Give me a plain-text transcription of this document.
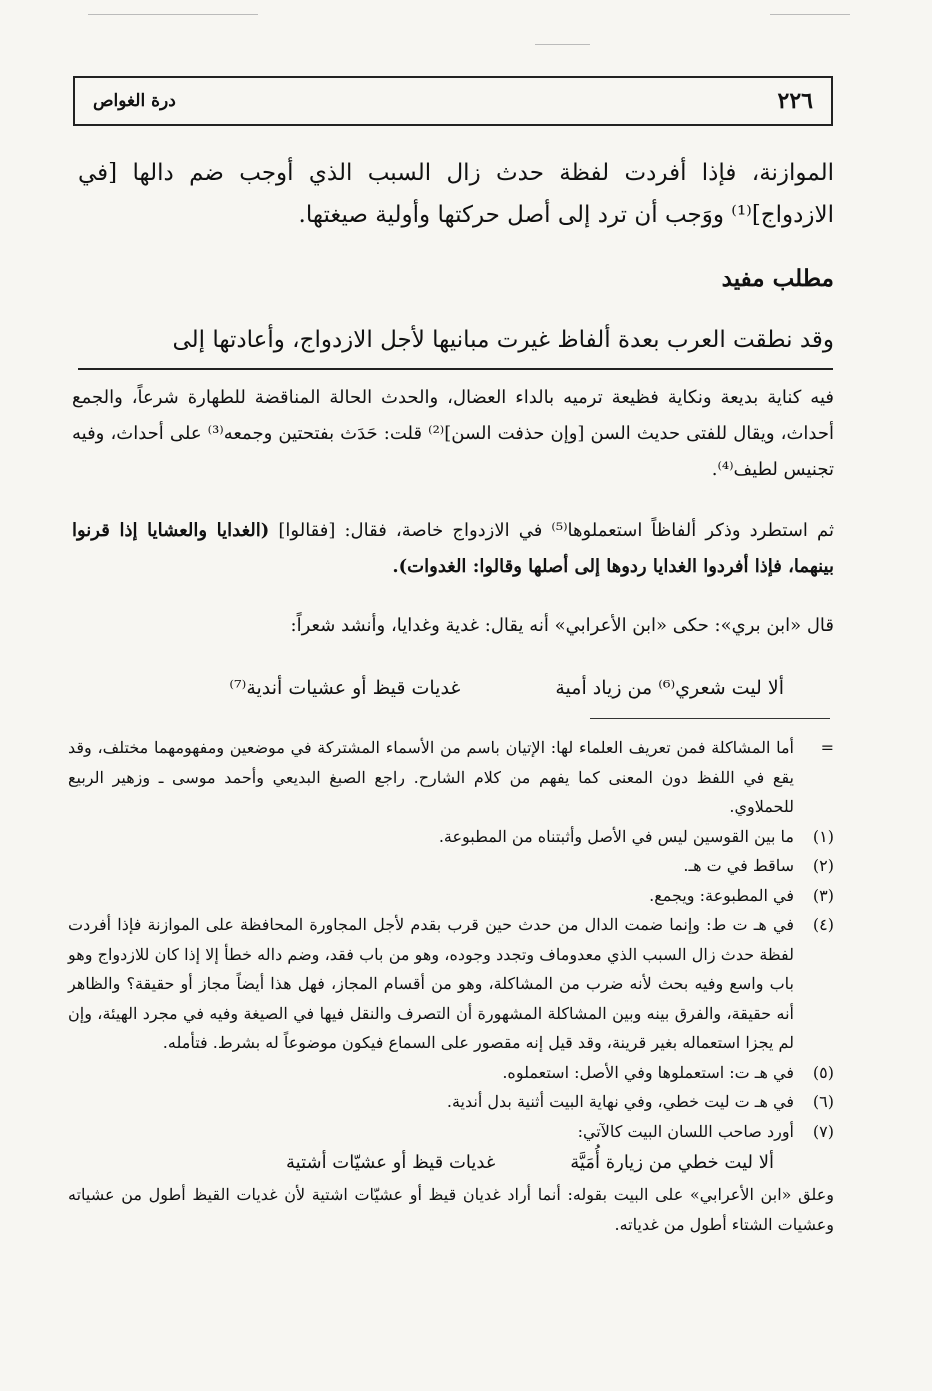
٢٢٦
درة الغواص
الموازنة، فإذا أفردت لفظة حدث زال السبب الذي أوجب ضم دالها [في الازدواج]⁽¹⁾ ووَجب أن ترد إلى أصل حركتها وأولية صيغتها.
مطلب مفيد
وقد نطقت العرب بعدة ألفاظ غيرت مبانيها لأجل الازدواج، وأعادتها إلى
فيه كناية بديعة ونكاية فظيعة ترميه بالداء العضال، والحدث الحالة المناقضة للطهارة شرعاً، والجمع أحداث، ويقال للفتى حديث السن [وإن حذفت السن]⁽²⁾ قلت: حَدَث بفتحتين وجمعه⁽³⁾ على أحداث، وفيه تجنيس لطيف⁽⁴⁾.
ثم استطرد وذكر ألفاظاً استعملوها⁽⁵⁾ في الازدواج خاصة، فقال: [فقالوا] (الغدايا والعشايا إذا قرنوا بينهما، فإذا أفردوا الغدايا ردوها إلى أصلها وقالوا: الغدوات).
قال «ابن بري»: حكى «ابن الأعرابي» أنه يقال: غدية وغدايا، وأنشد شعراً:
ألا ليت شعري⁽⁶⁾ من زياد أمية
غديات قيظ أو عشيات أندية⁽⁷⁾
=
أما المشاكلة فمن تعريف العلماء لها: الإتيان باسم من الأسماء المشتركة في موضعين ومفهومهما مختلف، وقد يقع في اللفظ دون المعنى كما يفهم من كلام الشارح. راجع الصبغ البديعي وأحمد موسى ـ وزهير الربيع للحملاوي.
(١)
ما بين القوسين ليس في الأصل وأثبتناه من المطبوعة.
(٢)
ساقط في ت هـ.
(٣)
في المطبوعة: ويجمع.
(٤)
في هـ ت ط: وإنما ضمت الدال من حدث حين قرب بقدم لأجل المجاورة المحافظة على الموازنة فإذا أفردت لفظة حدث زال السبب الذي معدوماف وتجدد وجوده، وهو من باب فقد، وضم داله خطأ إلا إذا كان للازدواج وهو باب واسع وفيه بحث لأنه ضرب من المشاكلة، وهو من أقسام المجاز، فهل هذا أيضاً مجاز أو حقيقة؟ والظاهر أنه حقيقة، والفرق بينه وبين المشاكلة المشهورة أن التصرف والنقل فيها في الصيغة وفيه في مجرد الهيئة، وإن لم يجزا استعماله بغير قرينة، وقد قيل إنه مقصور على السماع فيكون موضوعاً له بشرط. فتأمله.
(٥)
في هـ ت: استعملوها وفي الأصل: استعملوه.
(٦)
في هـ ت ليت خطي، وفي نهاية البيت أثنية بدل أندية.
(٧)
أورد صاحب اللسان البيت كالآتي:
ألا ليت خطي من زيارة أُمَيَّة
غديات قيظ أو عشيّات أشتية
وعلق «ابن الأعرابي» على البيت بقوله: أنما أراد غديان قيظ أو عشيّات اشتية لأن غديات القيظ أطول من عشياته وعشيات الشتاء أطول من غدياته.
